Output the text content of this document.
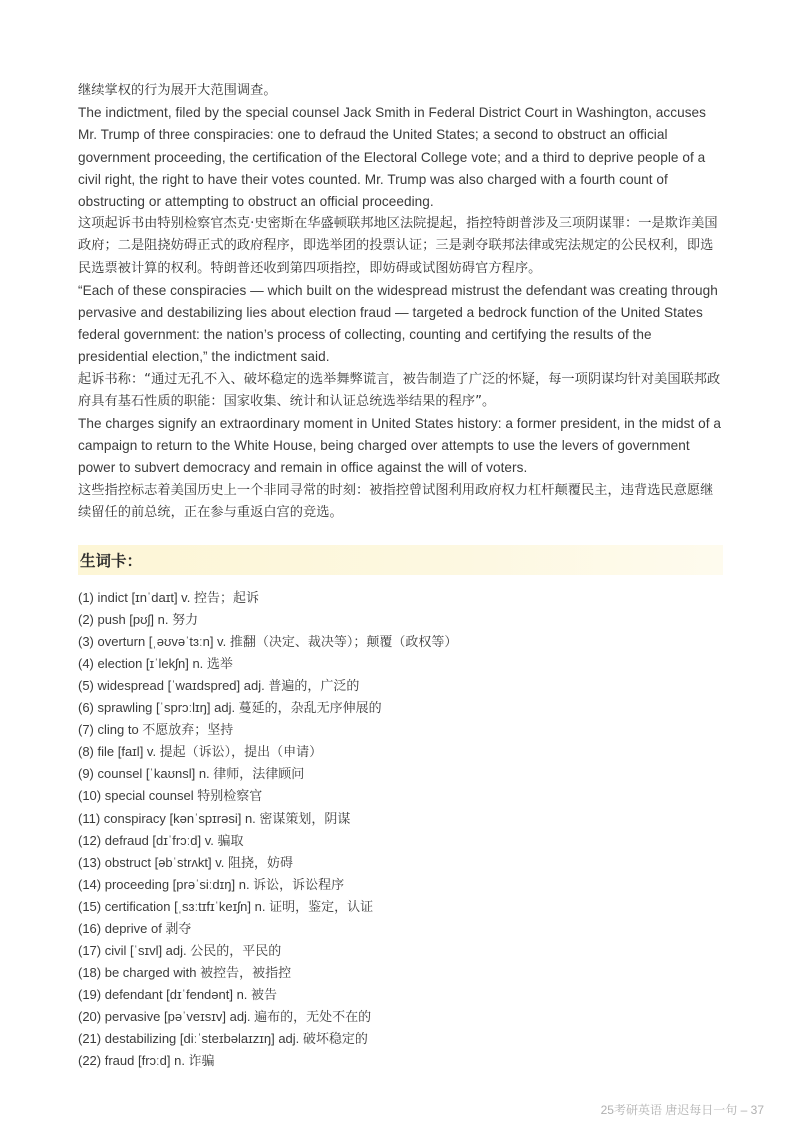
继续掌权的行为展开大范围调查。

The indictment, filed by the special counsel Jack Smith in Federal District Court in Washington, accuses Mr. Trump of three conspiracies: one to defraud the United States; a second to obstruct an official government proceeding, the certification of the Electoral College vote; and a third to deprive people of a civil right, the right to have their votes counted. Mr. Trump was also charged with a fourth count of obstructing or attempting to obstruct an official proceeding.

这项起诉书由特别检察官杰克·史密斯在华盛顿联邦地区法院提起，指控特朗普涉及三项阴谋罪：一是欺诈美国政府；二是阻挠妨碍正式的政府程序，即选举团的投票认证；三是剥夺联邦法律或宪法规定的公民权利，即选民选票被计算的权利。特朗普还收到第四项指控，即妨碍或试图妨碍官方程序。

“Each of these conspiracies — which built on the widespread mistrust the defendant was creating through pervasive and destabilizing lies about election fraud — targeted a bedrock function of the United States federal government: the nation’s process of collecting, counting and certifying the results of the presidential election,” the indictment said.

起诉书称：“通过无孔不入、破坏稳定的选举舞弊谎言，被告制造了广泛的怀疑，每一项阴谋均针对美国联邦政府具有基石性质的职能：国家收集、统计和认证总统选举结果的程序”。

The charges signify an extraordinary moment in United States history: a former president, in the midst of a campaign to return to the White House, being charged over attempts to use the levers of government power to subvert democracy and remain in office against the will of voters.

这些指控标志着美国历史上一个非同寻常的时刻：被指控曾试图利用政府权力杠杆颠覆民主，违背选民意愿继续留任的前总统，正在参与重返白宫的竞选。

生词卡：
(1) indict [ɪnˈdaɪt] v. 控告；起诉
(2) push [pʊʃ] n. 努力
(3) overturn [ˌəʊvəˈtɜːn] v. 推翻（决定、裁决等）；颠覆（政权等）
(4) election [ɪˈlekʃn] n. 选举
(5) widespread [ˈwaɪdspred] adj. 普遍的，广泛的
(6) sprawling [ˈsprɔːlɪŋ] adj. 蔓延的，杂乱无序伸展的
(7) cling to 不愿放弃；坚持
(8) file [faɪl] v. 提起（诉讼），提出（申请）
(9) counsel [ˈkaʊnsl] n. 律师，法律顾问
(10) special counsel 特别检察官
(11) conspiracy [kənˈspɪrəsi] n. 密谋策划，阴谋
(12) defraud [dɪˈfrɔːd] v. 骗取
(13) obstruct [əbˈstrʌkt] v. 阻挠，妨碍
(14) proceeding [prəˈsiːdɪŋ] n. 诉讼，诉讼程序
(15) certification [ˌsɜːtɪfɪˈkeɪʃn] n. 证明，鉴定，认证
(16) deprive of 剥夺
(17) civil [ˈsɪvl] adj. 公民的，平民的
(18) be charged with 被控告，被指控
(19) defendant [dɪˈfendənt] n. 被告
(20) pervasive [pəˈveɪsɪv] adj. 遍布的，无处不在的
(21) destabilizing [diːˈsteɪbəlaɪzɪŋ] adj. 破坏稳定的
(22) fraud [frɔːd] n. 诈骗
25考研英语 唐迟每日一句 – 37
